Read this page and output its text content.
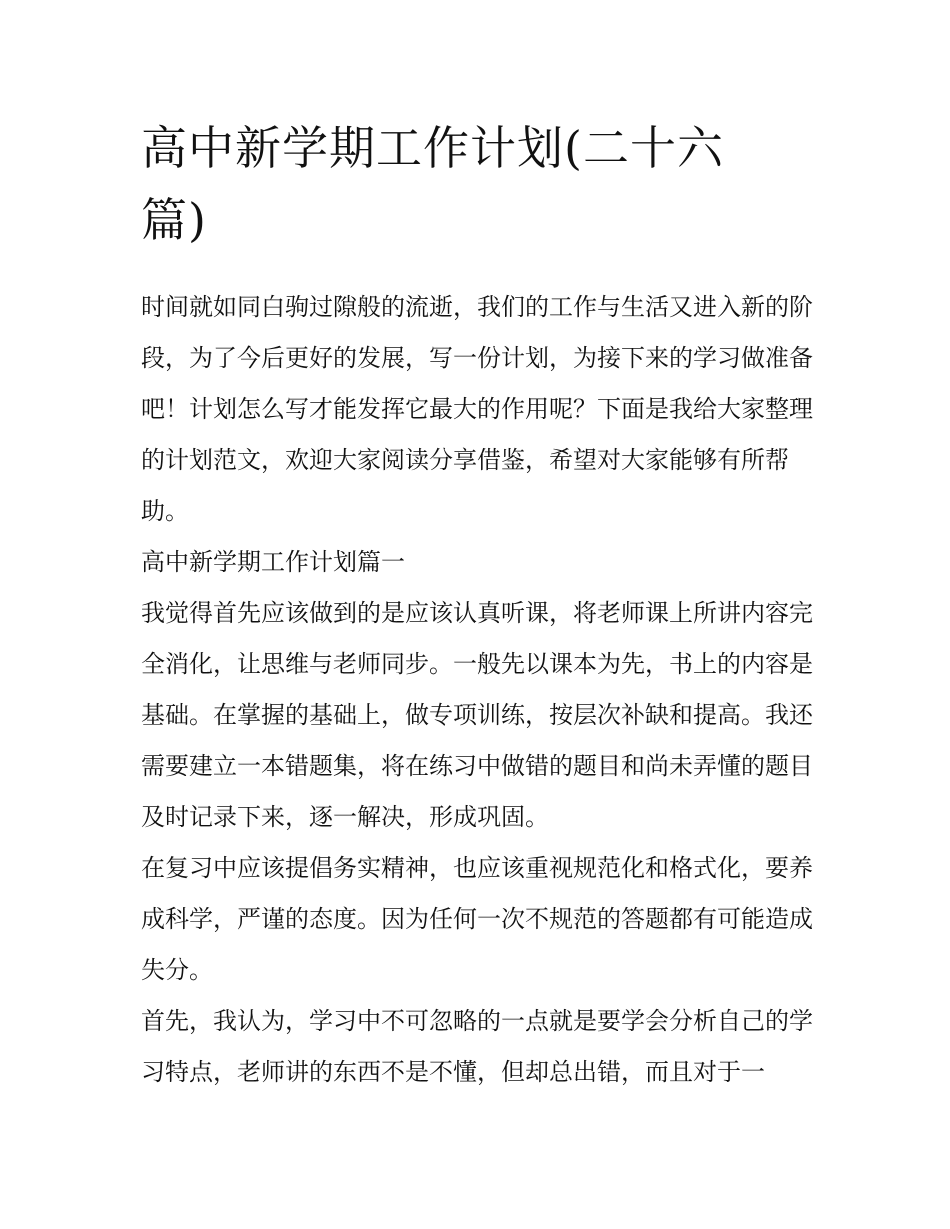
高中新学期工作计划(二十六篇)

时间就如同白驹过隙般的流逝，我们的工作与生活又进入新的阶段，为了今后更好的发展，写一份计划，为接下来的学习做准备吧！计划怎么写才能发挥它最大的作用呢？下面是我给大家整理的计划范文，欢迎大家阅读分享借鉴，希望对大家能够有所帮助。

高中新学期工作计划篇一

我觉得首先应该做到的是应该认真听课，将老师课上所讲内容完全消化，让思维与老师同步。一般先以课本为先，书上的内容是基础。在掌握的基础上，做专项训练，按层次补缺和提高。我还需要建立一本错题集，将在练习中做错的题目和尚未弄懂的题目及时记录下来，逐一解决，形成巩固。

在复习中应该提倡务实精神，也应该重视规范化和格式化，要养成科学，严谨的态度。因为任何一次不规范的答题都有可能造成失分。

首先，我认为，学习中不可忽略的一点就是要学会分析自己的学习特点，老师讲的东西不是不懂，但却总出错，而且对于一
